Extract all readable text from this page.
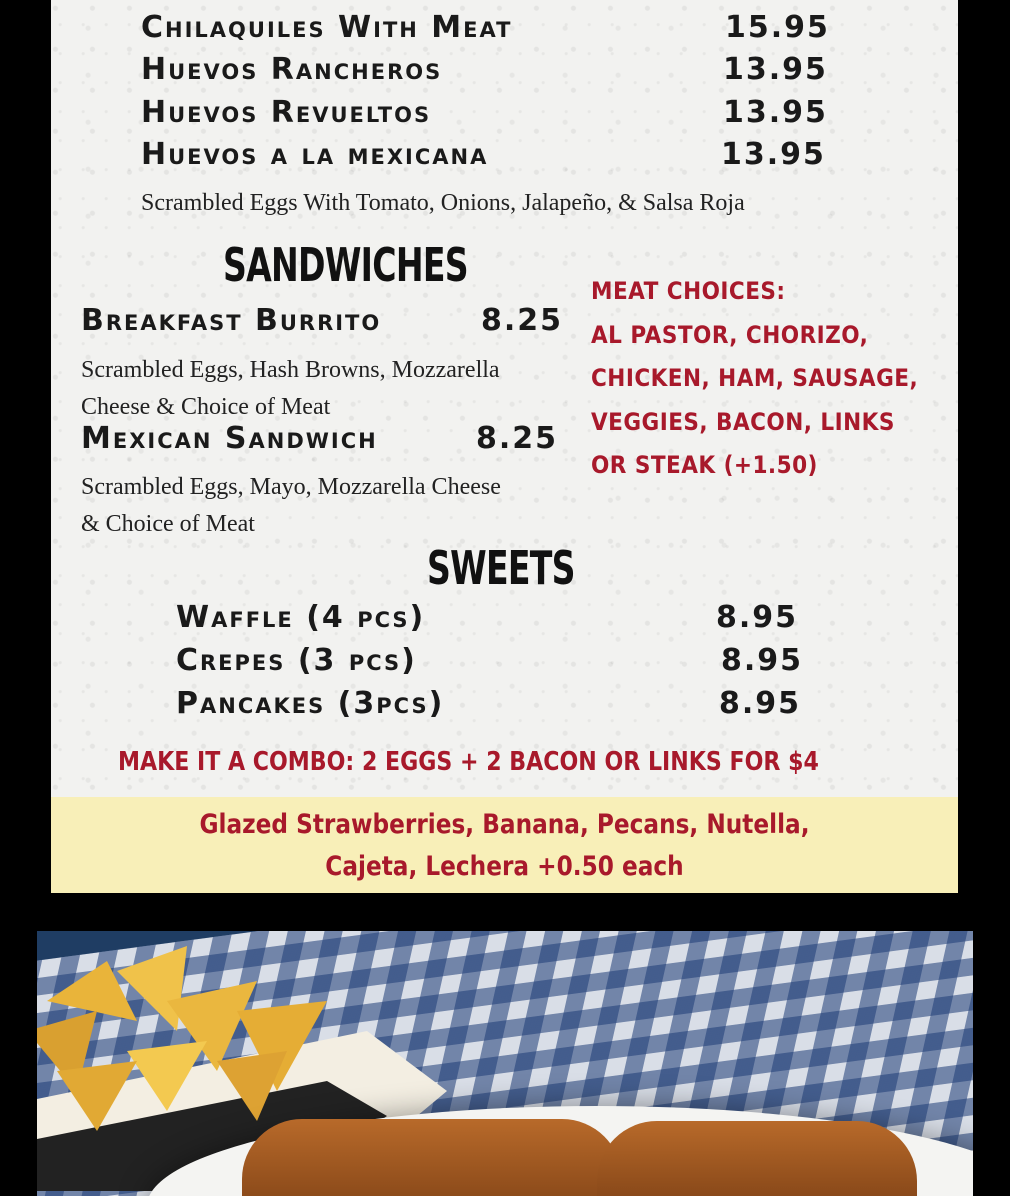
Chilaquiles With Meat	15.95
Huevos Rancheros	13.95
Huevos Revueltos	13.95
Huevos a la mexicana	13.95
Scrambled Eggs With Tomato, Onions, Jalapeño, & Salsa Roja
SANDWICHES
Breakfast Burrito	8.25
Scrambled Eggs, Hash Browns, Mozzarella
Cheese & Choice of Meat
Mexican Sandwich	8.25
Scrambled Eggs, Mayo, Mozzarella Cheese
& Choice of Meat
MEAT CHOICES:
AL PASTOR, CHORIZO,
CHICKEN, HAM, SAUSAGE,
VEGGIES, BACON, LINKS
OR STEAK (+1.50)
SWEETS
Waffle (4 pcs)	8.95
Crepes (3 pcs)	8.95
Pancakes (3pcs)	8.95
MAKE IT A COMBO: 2 EGGS + 2 BACON OR LINKS FOR $4
Glazed Strawberries, Banana, Pecans, Nutella,
Cajeta, Lechera +0.50 each
